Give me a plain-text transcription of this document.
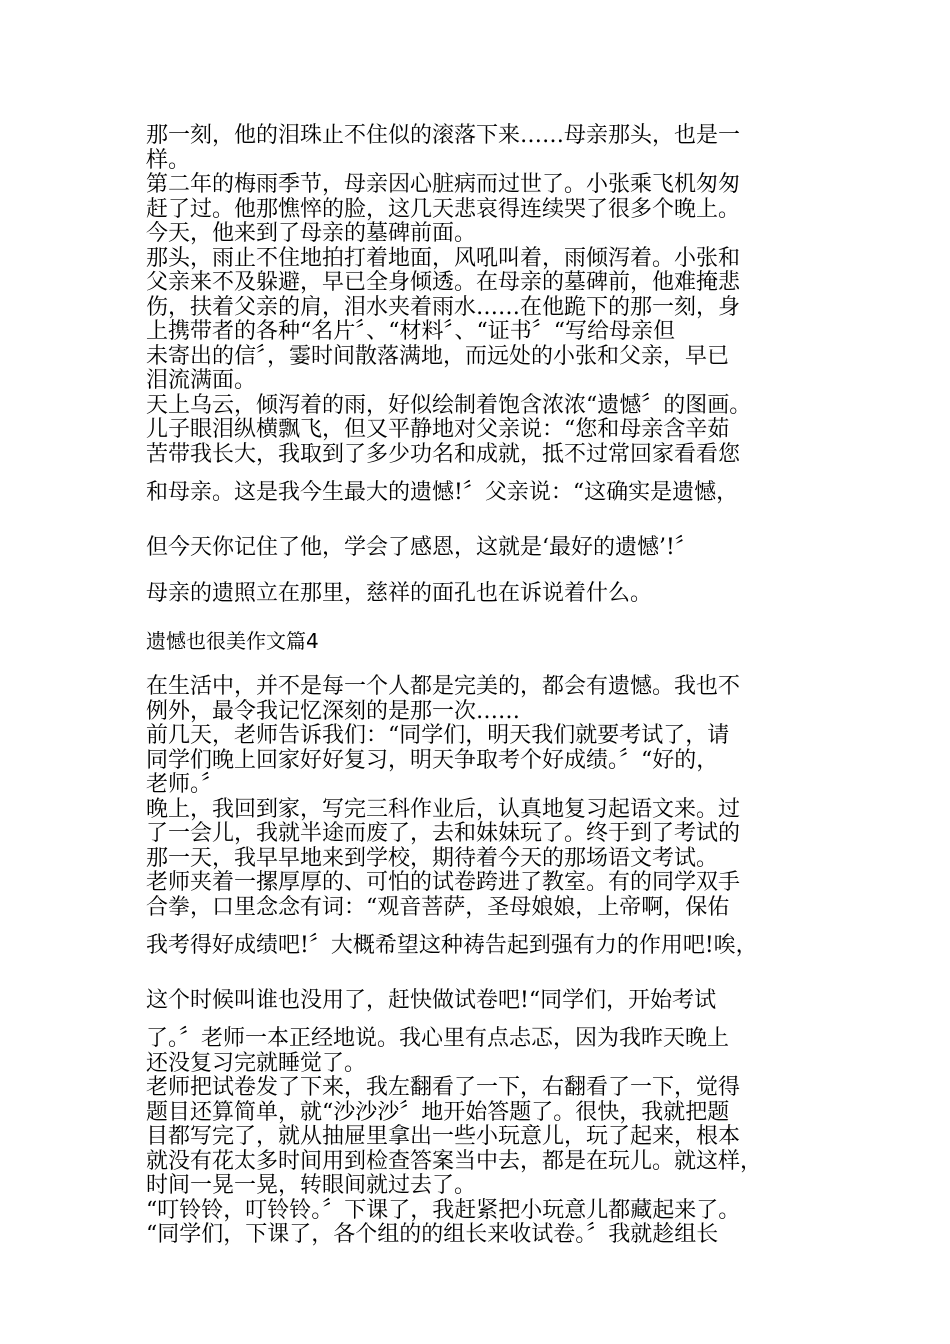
那一刻，他的泪珠止不住似的滚落下来……母亲那头，也是一
样。
第二年的梅雨季节，母亲因心脏病而过世了。小张乘飞机匆匆
赶了过。他那憔悴的脸，这几天悲哀得连续哭了很多个晚上。
今天，他来到了母亲的墓碑前面。
那头，雨止不住地拍打着地面，风吼叫着，雨倾泻着。小张和
父亲来不及躲避，早已全身倾透。在母亲的墓碑前，他难掩悲
伤，扶着父亲的肩，泪水夹着雨水……在他跪下的那一刻，身
上携带者的各种“名片〞、“材料〞、“证书〞“写给母亲但
未寄出的信〞，霎时间散落满地，而远处的小张和父亲，早已
泪流满面。
天上乌云，倾泻着的雨，好似绘制着饱含浓浓“遗憾〞的图画。
儿子眼泪纵横飘飞，但又平静地对父亲说：“您和母亲含辛茹
苦带我长大，我取到了多少功名和成就，抵不过常回家看看您
和母亲。这是我今生最大的遗憾!〞父亲说：“这确实是遗憾，
但今天你记住了他，学会了感恩，这就是‘最好的遗憾’!〞
母亲的遗照立在那里，慈祥的面孔也在诉说着什么。
遗憾也很美作文篇4
在生活中，并不是每一个人都是完美的，都会有遗憾。我也不
例外，最令我记忆深刻的是那一次……
前几天，老师告诉我们：“同学们，明天我们就要考试了，请
同学们晚上回家好好复习，明天争取考个好成绩。〞“好的，
老师。〞
晚上，我回到家，写完三科作业后，认真地复习起语文来。过
了一会儿，我就半途而废了，去和妹妹玩了。终于到了考试的
那一天，我早早地来到学校，期待着今天的那场语文考试。
老师夹着一摞厚厚的、可怕的试卷跨进了教室。有的同学双手
合拳，口里念念有词：“观音菩萨，圣母娘娘，上帝啊，保佑
我考得好成绩吧!〞大概希望这种祷告起到强有力的作用吧!唉，
这个时候叫谁也没用了，赶快做试卷吧!“同学们，开始考试
了。〞老师一本正经地说。我心里有点忐忑，因为我昨天晚上
还没复习完就睡觉了。
老师把试卷发了下来，我左翻看了一下，右翻看了一下，觉得
题目还算简单，就“沙沙沙〞地开始答题了。很快，我就把题
目都写完了，就从抽屉里拿出一些小玩意儿，玩了起来，根本
就没有花太多时间用到检查答案当中去，都是在玩儿。就这样，
时间一晃一晃，转眼间就过去了。
“叮铃铃，叮铃铃。〞下课了，我赶紧把小玩意儿都藏起来了。
“同学们，下课了，各个组的的组长来收试卷。〞我就趁组长
